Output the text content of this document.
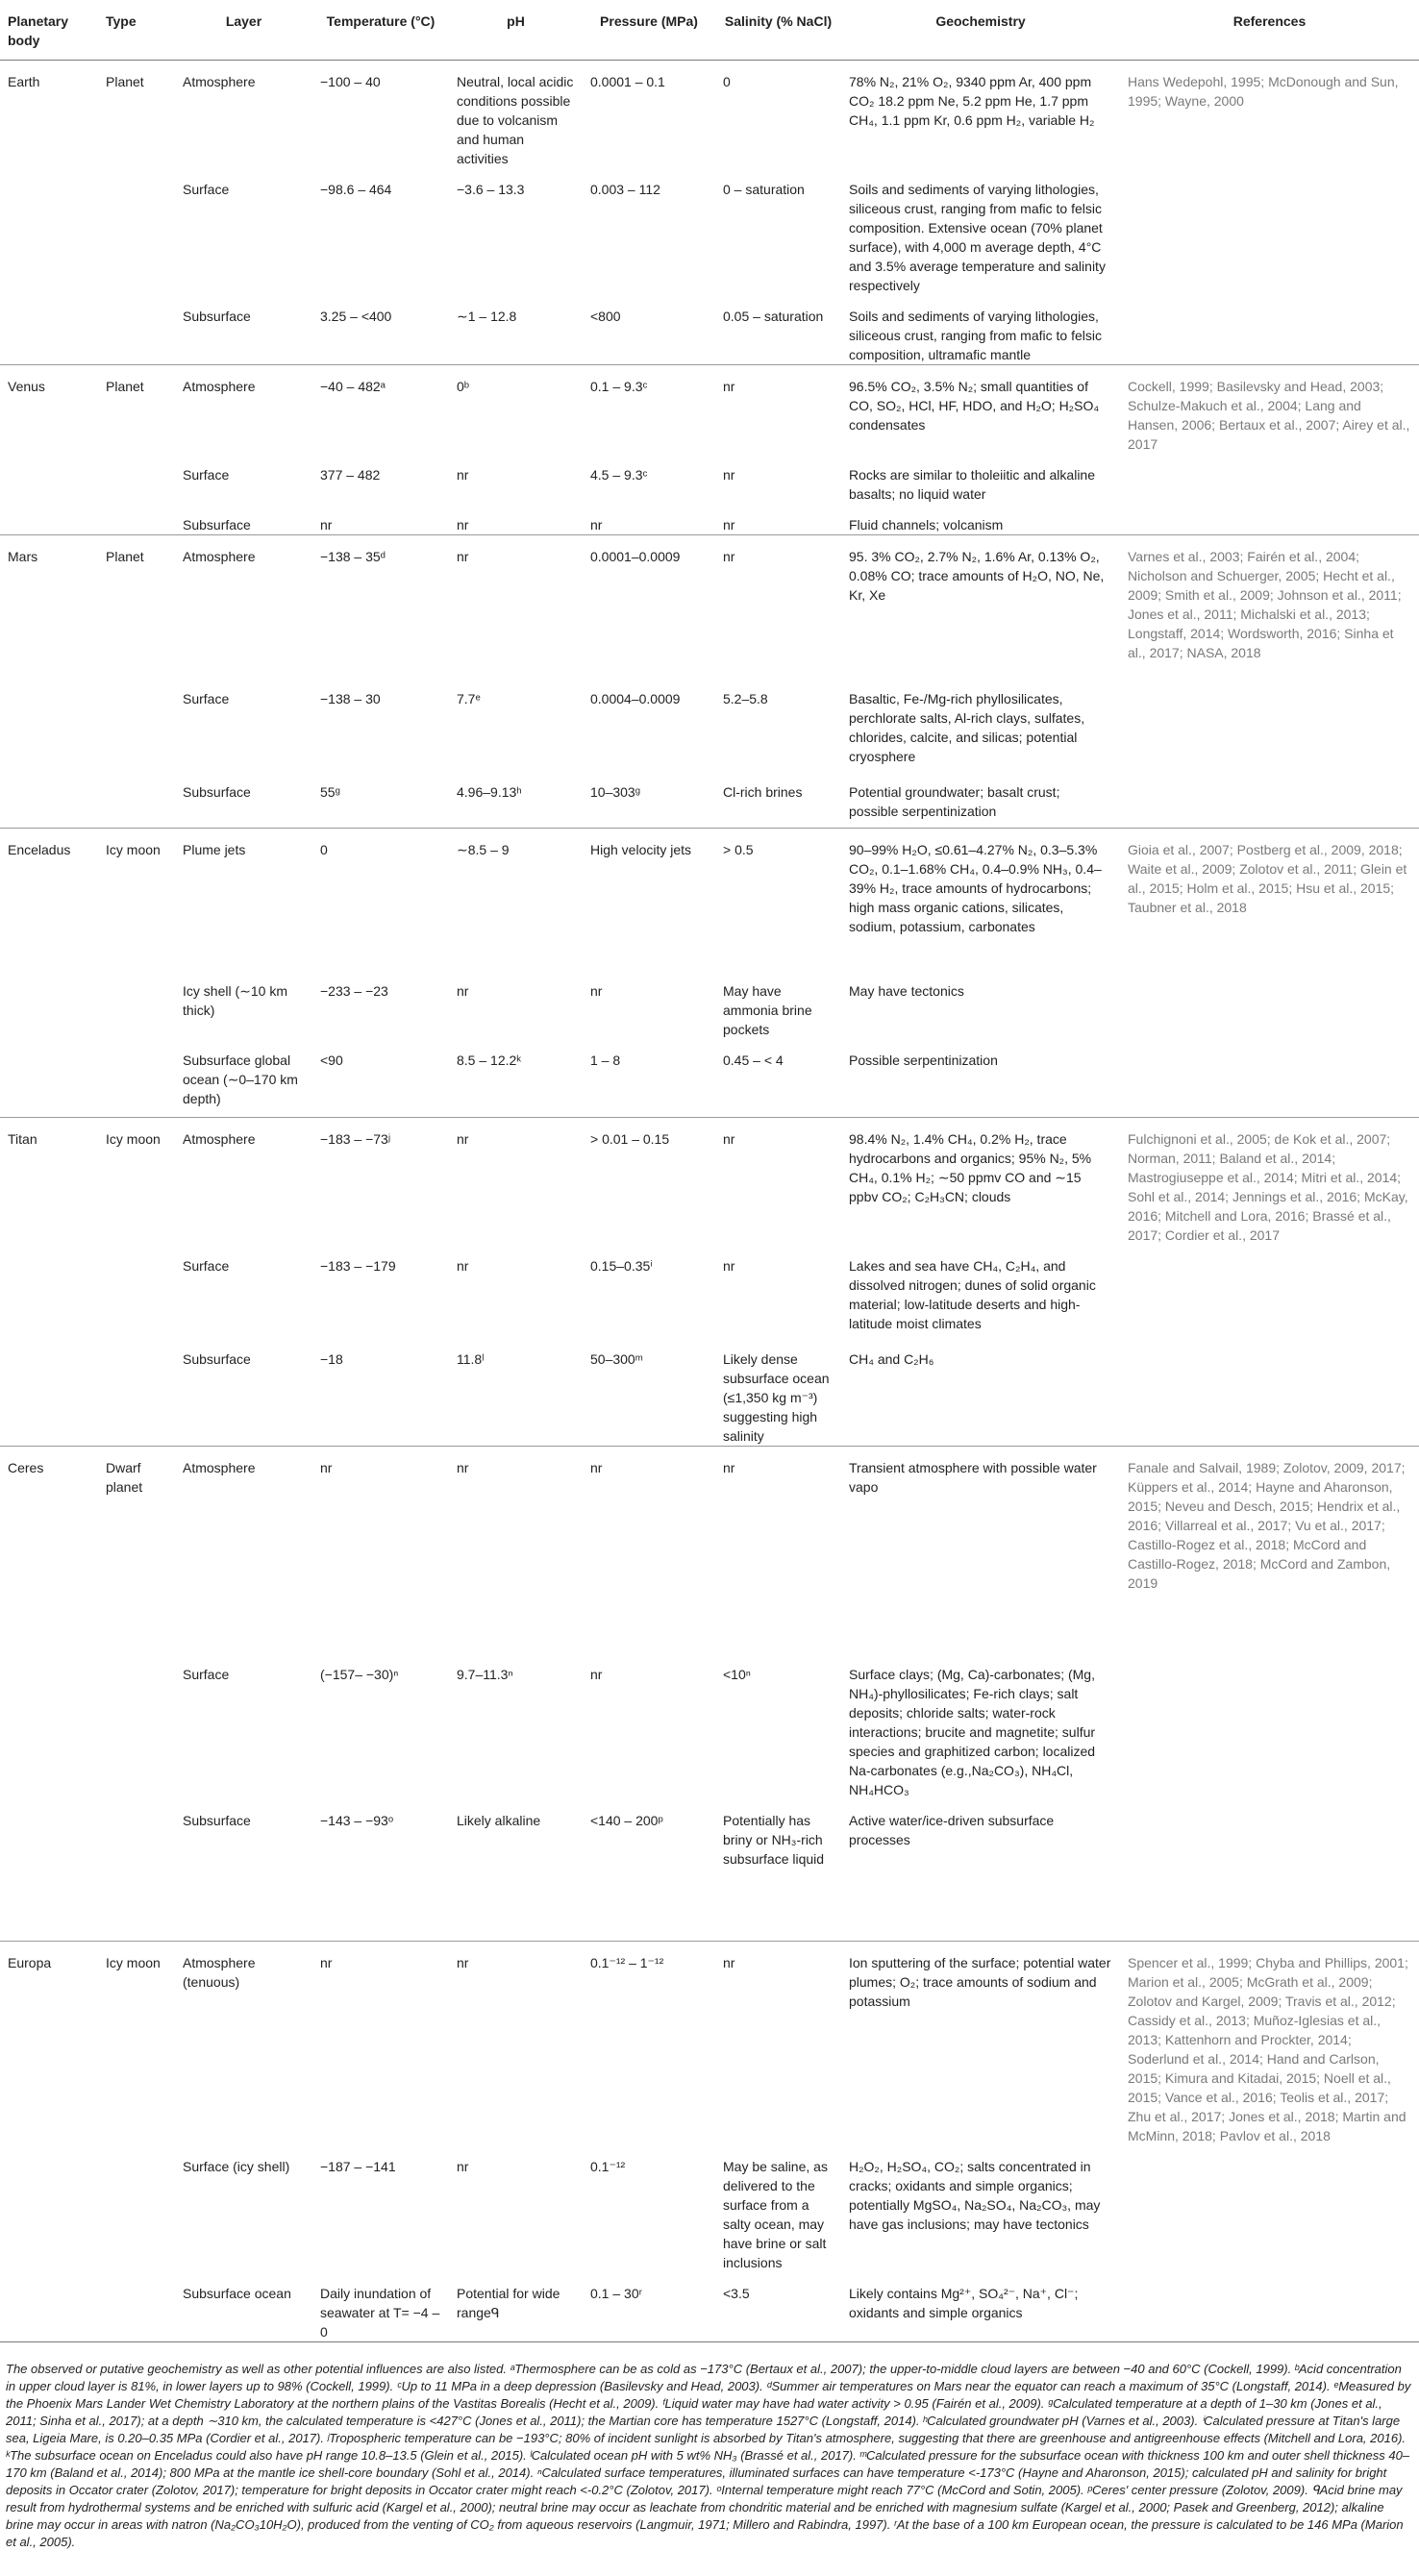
Planetary body	Type	Layer	Temperature (°C)	pH	Pressure (MPa)	Salinity (% NaCl)	Geochemistry	References
Earth	Planet	Atmosphere	−100 – 40	Neutral, local acidic conditions possible due to volcanism and human activities	0.0001 – 0.1	0	78% N₂, 21% O₂, 9340 ppm Ar, 400 ppm CO₂ 18.2 ppm Ne, 5.2 ppm He, 1.7 ppm CH₄, 1.1 ppm Kr, 0.6 ppm H₂, variable H₂	Hans Wedepohl, 1995; McDonough and Sun, 1995; Wayne, 2000
		Surface	−98.6 – 464	−3.6 – 13.3	0.003 – 112	0 – saturation	Soils and sediments of varying lithologies, siliceous crust, ranging from mafic to felsic composition. Extensive ocean (70% planet surface), with 4,000 m average depth, 4°C and 3.5% average temperature and salinity respectively	
		Subsurface	3.25 – <400	∼1 – 12.8	<800	0.05 – saturation	Soils and sediments of varying lithologies, siliceous crust, ranging from mafic to felsic composition, ultramafic mantle	
Venus	Planet	Atmosphere	−40 – 482ᵃ	0ᵇ	0.1 – 9.3ᶜ	nr	96.5% CO₂, 3.5% N₂; small quantities of CO, SO₂, HCl, HF, HDO, and H₂O; H₂SO₄ condensates	Cockell, 1999; Basilevsky and Head, 2003; Schulze-Makuch et al., 2004; Lang and Hansen, 2006; Bertaux et al., 2007; Airey et al., 2017
		Surface	377 – 482	nr	4.5 – 9.3ᶜ	nr	Rocks are similar to tholeiitic and alkaline basalts; no liquid water	
		Subsurface	nr	nr	nr	nr	Fluid channels; volcanism	
Mars	Planet	Atmosphere	−138 – 35ᵈ	nr	0.0001–0.0009	nr	95. 3% CO₂, 2.7% N₂, 1.6% Ar, 0.13% O₂, 0.08% CO; trace amounts of H₂O, NO, Ne, Kr, Xe	Varnes et al., 2003; Fairén et al., 2004; Nicholson and Schuerger, 2005; Hecht et al., 2009; Smith et al., 2009; Johnson et al., 2011; Jones et al., 2011; Michalski et al., 2013; Longstaff, 2014; Wordsworth, 2016; Sinha et al., 2017; NASA, 2018
		Surface	−138 – 30	7.7ᵉ	0.0004–0.0009	5.2–5.8	Basaltic, Fe-/Mg-rich phyllosilicates, perchlorate salts, Al-rich clays, sulfates, chlorides, calcite, and silicas; potential cryosphere	
		Subsurface	55ᵍ	4.96–9.13ʰ	10–303ᵍ	Cl-rich brines	Potential groundwater; basalt crust; possible serpentinization	
Enceladus	Icy moon	Plume jets	0	∼8.5 – 9	High velocity jets	> 0.5	90–99% H₂O, ≤0.61–4.27% N₂, 0.3–5.3% CO₂, 0.1–1.68% CH₄, 0.4–0.9% NH₃, 0.4–39% H₂, trace amounts of hydrocarbons; high mass organic cations, silicates, sodium, potassium, carbonates	Gioia et al., 2007; Postberg et al., 2009, 2018; Waite et al., 2009; Zolotov et al., 2011; Glein et al., 2015; Holm et al., 2015; Hsu et al., 2015; Taubner et al., 2018
		Icy shell (∼10 km thick)	−233 – −23	nr	nr	May have ammonia brine pockets	May have tectonics	
		Subsurface global ocean (∼0–170 km depth)	<90	8.5 – 12.2ᵏ	1 – 8	0.45 – < 4	Possible serpentinization	
Titan	Icy moon	Atmosphere	−183 – −73ʲ	nr	> 0.01 – 0.15	nr	98.4% N₂, 1.4% CH₄, 0.2% H₂, trace hydrocarbons and organics; 95% N₂, 5% CH₄, 0.1% H₂; ∼50 ppmv CO and ∼15 ppbv CO₂; C₂H₃CN; clouds	Fulchignoni et al., 2005; de Kok et al., 2007; Norman, 2011; Baland et al., 2014; Mastrogiuseppe et al., 2014; Mitri et al., 2014; Sohl et al., 2014; Jennings et al., 2016; McKay, 2016; Mitchell and Lora, 2016; Brassé et al., 2017; Cordier et al., 2017
		Surface	−183 – −179	nr	0.15–0.35ⁱ	nr	Lakes and sea have CH₄, C₂H₄, and dissolved nitrogen; dunes of solid organic material; low-latitude deserts and high-latitude moist climates	
		Subsurface	−18	11.8ˡ	50–300ᵐ	Likely dense subsurface ocean (≤1,350 kg m⁻³) suggesting high salinity	CH₄ and C₂H₆	
Ceres	Dwarf planet	Atmosphere	nr	nr	nr	nr	Transient atmosphere with possible water vapo	Fanale and Salvail, 1989; Zolotov, 2009, 2017; Küppers et al., 2014; Hayne and Aharonson, 2015; Neveu and Desch, 2015; Hendrix et al., 2016; Villarreal et al., 2017; Vu et al., 2017; Castillo-Rogez et al., 2018; McCord and Castillo-Rogez, 2018; McCord and Zambon, 2019
		Surface	(−157– −30)ⁿ	9.7–11.3ⁿ	nr	<10ⁿ	Surface clays; (Mg, Ca)-carbonates; (Mg, NH₄)-phyllosilicates; Fe-rich clays; salt deposits; chloride salts; water-rock interactions; brucite and magnetite; sulfur species and graphitized carbon; localized Na-carbonates (e.g.,Na₂CO₃), NH₄Cl, NH₄HCO₃	
		Subsurface	−143 – −93ᵒ	Likely alkaline	<140 – 200ᵖ	Potentially has briny or NH₃-rich subsurface liquid	Active water/ice-driven subsurface processes	
Europa	Icy moon	Atmosphere (tenuous)	nr	nr	0.1⁻¹² – 1⁻¹²	nr	Ion sputtering of the surface; potential water plumes; O₂; trace amounts of sodium and potassium	Spencer et al., 1999; Chyba and Phillips, 2001; Marion et al., 2005; McGrath et al., 2009; Zolotov and Kargel, 2009; Travis et al., 2012; Cassidy et al., 2013; Muñoz-Iglesias et al., 2013; Kattenhorn and Prockter, 2014; Soderlund et al., 2014; Hand and Carlson, 2015; Kimura and Kitadai, 2015; Noell et al., 2015; Vance et al., 2016; Teolis et al., 2017; Zhu et al., 2017; Jones et al., 2018; Martin and McMinn, 2018; Pavlov et al., 2018
		Surface (icy shell)	−187 – −141	nr	0.1⁻¹²	May be saline, as delivered to the surface from a salty ocean, may have brine or salt inclusions	H₂O₂, H₂SO₄, CO₂; salts concentrated in cracks; oxidants and simple organics; potentially MgSO₄, Na₂SO₄, Na₂CO₃, may have gas inclusions; may have tectonics	
		Subsurface ocean	Daily inundation of seawater at T= −4 – 0	Potential for wide rangeᑫ	0.1 – 30ʳ	<3.5	Likely contains Mg²⁺, SO₄²⁻, Na⁺, Cl⁻; oxidants and simple organics	
The observed or putative geochemistry as well as other potential influences are also listed. ᵃThermosphere can be as cold as −173°C (Bertaux et al., 2007); the upper-to-middle cloud layers are between −40 and 60°C (Cockell, 1999). ᵇAcid concentration in upper cloud layer is 81%, in lower layers up to 98% (Cockell, 1999). ᶜUp to 11 MPa in a deep depression (Basilevsky and Head, 2003). ᵈSummer air temperatures on Mars near the equator can reach a maximum of 35°C (Longstaff, 2014). ᵉMeasured by the Phoenix Mars Lander Wet Chemistry Laboratory at the northern plains of the Vastitas Borealis (Hecht et al., 2009). ᶠLiquid water may have had water activity > 0.95 (Fairén et al., 2009). ᵍCalculated temperature at a depth of 1–30 km (Jones et al., 2011; Sinha et al., 2017); at a depth ∼310 km, the calculated temperature is <427°C (Jones et al., 2011); the Martian core has temperature 1527°C (Longstaff, 2014). ʰCalculated groundwater pH (Varnes et al., 2003). ⁱCalculated pressure at Titan's large sea, Ligeia Mare, is 0.20–0.35 MPa (Cordier et al., 2017). ʲTropospheric temperature can be −193°C; 80% of incident sunlight is absorbed by Titan's atmosphere, suggesting that there are greenhouse and antigreenhouse effects (Mitchell and Lora, 2016). ᵏThe subsurface ocean on Enceladus could also have pH range 10.8–13.5 (Glein et al., 2015). ˡCalculated ocean pH with 5 wt% NH₃ (Brassé et al., 2017). ᵐCalculated pressure for the subsurface ocean with thickness 100 km and outer shell thickness 40–170 km (Baland et al., 2014); 800 MPa at the mantle ice shell-core boundary (Sohl et al., 2014). ⁿCalculated surface temperatures, illuminated surfaces can have temperature <-173°C (Hayne and Aharonson, 2015); calculated pH and salinity for bright deposits in Occator crater (Zolotov, 2017); temperature for bright deposits in Occator crater might reach <-0.2°C (Zolotov, 2017). ᵒInternal temperature might reach 77°C (McCord and Sotin, 2005). ᵖCeres' center pressure (Zolotov, 2009). ᑫAcid brine may result from hydrothermal systems and be enriched with sulfuric acid (Kargel et al., 2000); neutral brine may occur as leachate from chondritic material and be enriched with magnesium sulfate (Kargel et al., 2000; Pasek and Greenberg, 2012); alkaline brine may occur in areas with natron (Na₂CO₃10H₂O), produced from the venting of CO₂ from aqueous reservoirs (Langmuir, 1971; Millero and Rabindra, 1997). ʳAt the base of a 100 km European ocean, the pressure is calculated to be 146 MPa (Marion et al., 2005).
